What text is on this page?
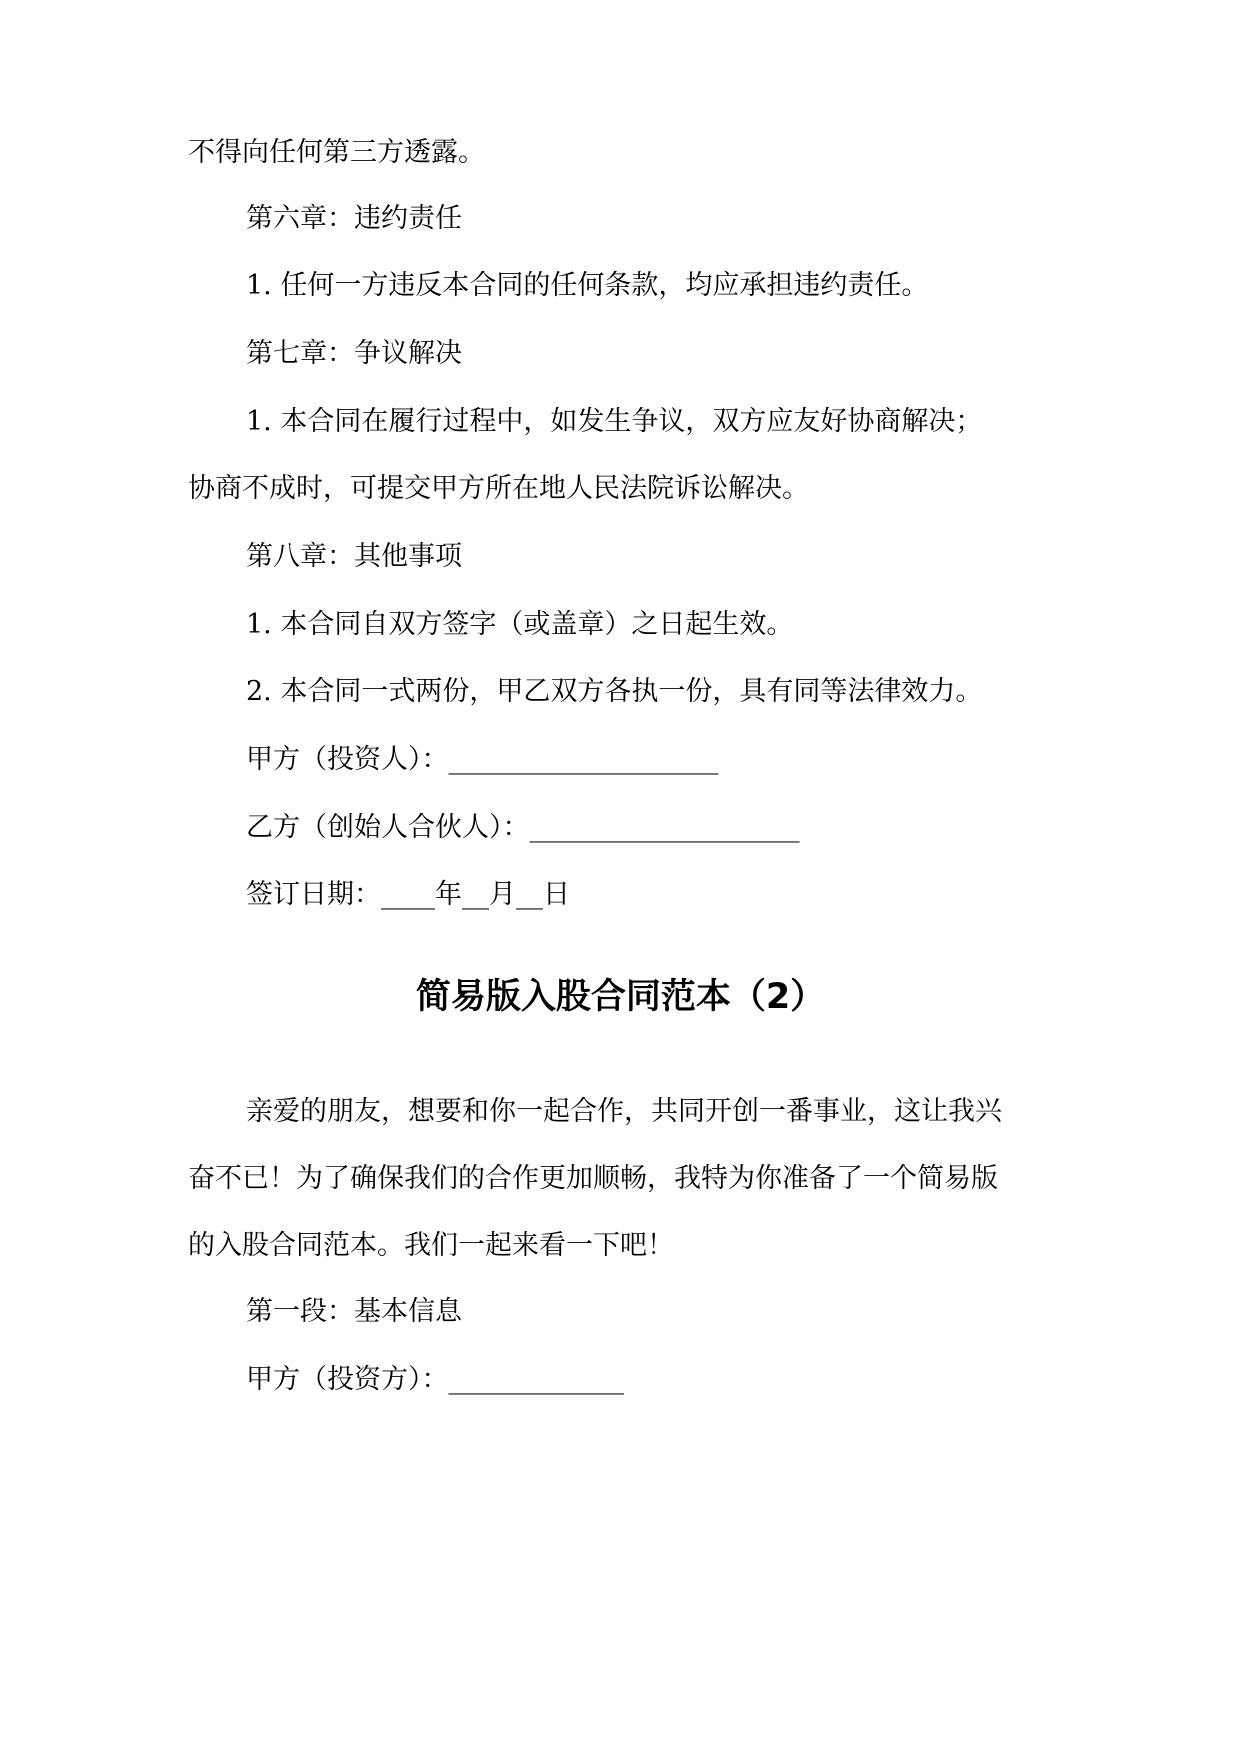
不得向任何第三方透露。
第六章：违约责任
1. 任何一方违反本合同的任何条款，均应承担违约责任。
第七章：争议解决
1. 本合同在履行过程中，如发生争议，双方应友好协商解决；
协商不成时，可提交甲方所在地人民法院诉讼解决。
第八章：其他事项
1. 本合同自双方签字（或盖章）之日起生效。
2. 本合同一式两份，甲乙双方各执一份，具有同等法律效力。
甲方（投资人）：____________________
乙方（创始人合伙人）：____________________
签订日期：____年__月__日
简易版入股合同范本（2）
亲爱的朋友，想要和你一起合作，共同开创一番事业，这让我兴
奋不已！为了确保我们的合作更加顺畅，我特为你准备了一个简易版
的入股合同范本。我们一起来看一下吧！
第一段：基本信息
甲方（投资方）：_____________
